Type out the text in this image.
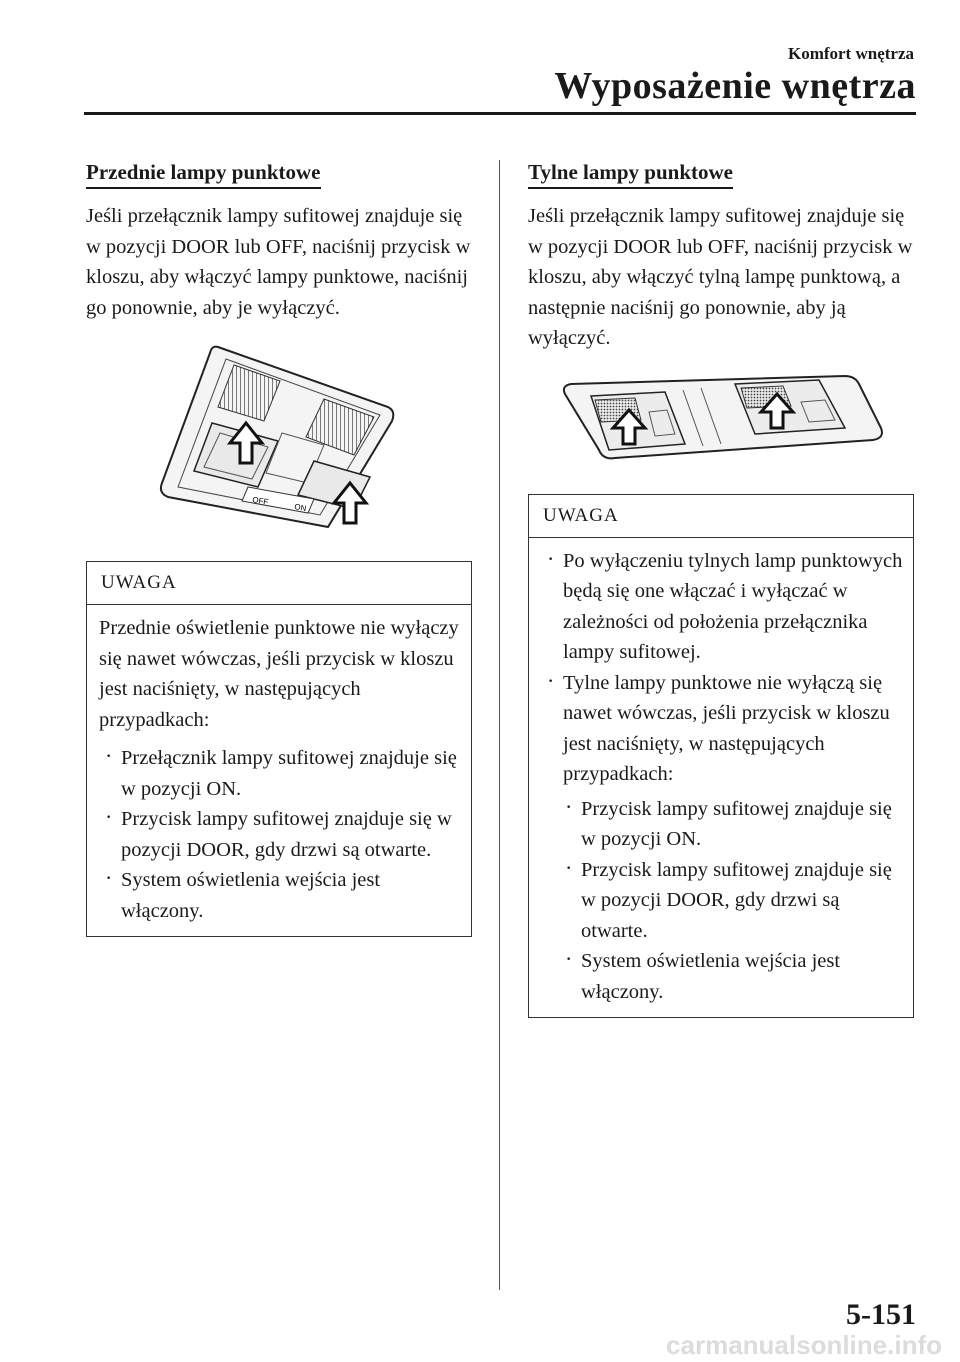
Komfort wnętrza
Wyposażenie wnętrza
Przednie lampy punktowe

Jeśli przełącznik lampy sufitowej znajduje się w pozycji DOOR lub OFF, naciśnij przycisk w kloszu, aby włączyć lampy punktowe, naciśnij go ponownie, aby je wyłączyć.

OFF
ON
UWAGA

Przednie oświetlenie punktowe nie wyłączy się nawet wówczas, jeśli przycisk w kloszu jest naciśnięty, w następujących przypadkach:

· Przełącznik lampy sufitowej znajduje się w pozycji ON.
· Przycisk lampy sufitowej znajduje się w pozycji DOOR, gdy drzwi są otwarte.
· System oświetlenia wejścia jest włączony.
Tylne lampy punktowe

Jeśli przełącznik lampy sufitowej znajduje się w pozycji DOOR lub OFF, naciśnij przycisk w kloszu, aby włączyć tylną lampę punktową, a następnie naciśnij go ponownie, aby ją wyłączyć.

UWAGA
· Po wyłączeniu tylnych lamp punktowych będą się one włączać i wyłączać w zależności od położenia przełącznika lampy sufitowej.
· Tylne lampy punktowe nie wyłączą się nawet wówczas, jeśli przycisk w kloszu jest naciśnięty, w następujących przypadkach:
· Przycisk lampy sufitowej znajduje się w pozycji ON.
· Przycisk lampy sufitowej znajduje się w pozycji DOOR, gdy drzwi są otwarte.
· System oświetlenia wejścia jest włączony.
5-151
carmanualsonline.info
